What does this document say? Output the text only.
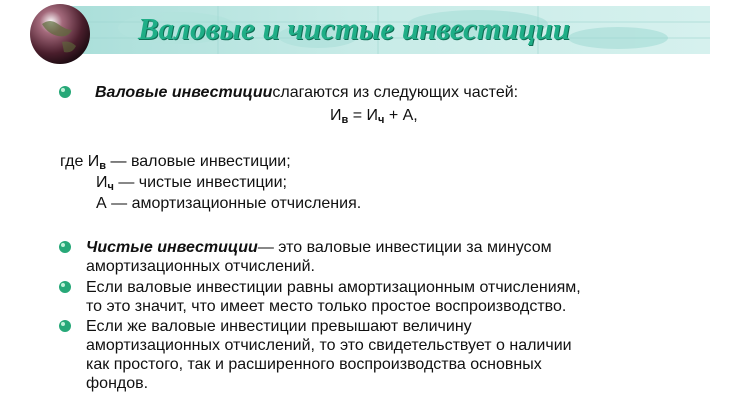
Валовые и чистые инвестиции
Валовые инвестициислагаются из следующих частей:
$И_в = И_ч + А$,
где $И_в$ — валовые инвестиции;
$И_ч$ — чистые инвестиции;
А — амортизационные отчисления.
Чистые инвестиции— это валовые инвестиции за минусом
амортизационных отчислений.
Если валовые инвестиции равны амортизационным отчислениям,
то это значит, что имеет место только простое воспроизводство.
Если же валовые инвестиции превышают величину
амортизационных отчислений, то это свидетельствует о наличии
как простого, так и расширенного воспроизводства основных
фондов.
